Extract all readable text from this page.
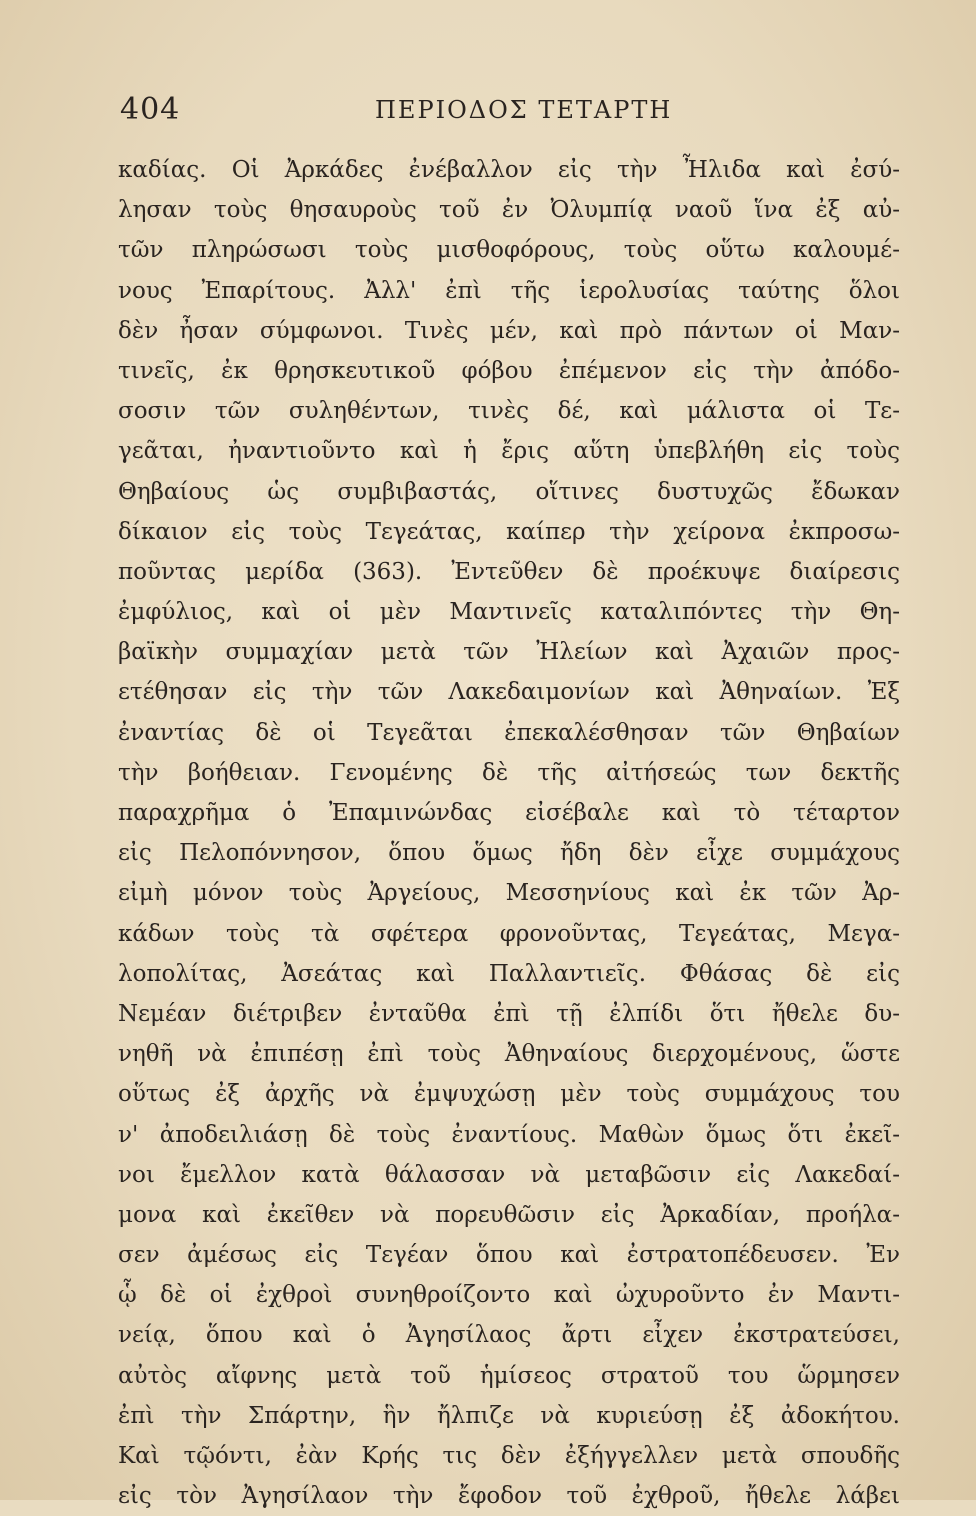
404	ΠΕΡΙΟΔΟΣ ΤΕΤΑΡΤΗ
καδίας. Οἱ Ἀρκάδες ἐνέβαλλον εἰς τὴν Ἦλιδα καὶ ἐσύ-
λησαν τοὺς θησαυροὺς τοῦ ἐν Ὀλυμπίᾳ ναοῦ ἵνα ἐξ αὐ-
τῶν πληρώσωσι τοὺς μισθοφόρους, τοὺς οὕτω καλουμέ-
νους Ἐπαρίτους. Ἀλλ' ἐπὶ τῆς ἱερολυσίας ταύτης ὅλοι
δὲν ἦσαν σύμφωνοι. Τινὲς μέν, καὶ πρὸ πάντων οἱ Μαν-
τινεῖς, ἐκ θρησκευτικοῦ φόβου ἐπέμενον εἰς τὴν ἀπόδο-
σοσιν τῶν συληθέντων, τινὲς δέ, καὶ μάλιστα οἱ Τε-
γεᾶται, ἠναντιοῦντο καὶ ἡ ἔρις αὕτη ὑπεβλήθη εἰς τοὺς
Θηβαίους ὡς συμβιβαστάς, οἵτινες δυστυχῶς ἔδωκαν
δίκαιον εἰς τοὺς Τεγεάτας, καίπερ τὴν χείρονα ἐκπροσω-
ποῦντας μερίδα (363). Ἐντεῦθεν δὲ προέκυψε διαίρεσις
ἐμφύλιος, καὶ οἱ μὲν Μαντινεῖς καταλιπόντες τὴν Θη-
βαϊκὴν συμμαχίαν μετὰ τῶν Ἠλείων καὶ Ἀχαιῶν προς-
ετέθησαν εἰς τὴν τῶν Λακεδαιμονίων καὶ Ἀθηναίων. Ἐξ
ἐναντίας δὲ οἱ Τεγεᾶται ἐπεκαλέσθησαν τῶν Θηβαίων
τὴν βοήθειαν. Γενομένης δὲ τῆς αἰτήσεώς των δεκτῆς
παραχρῆμα ὁ Ἐπαμινώνδας εἰσέβαλε καὶ τὸ τέταρτον
εἰς Πελοπόννησον, ὅπου ὅμως ἤδη δὲν εἶχε συμμάχους
εἰμὴ μόνον τοὺς Ἀργείους, Μεσσηνίους καὶ ἐκ τῶν Ἀρ-
κάδων τοὺς τὰ σφέτερα φρονοῦντας, Τεγεάτας, Μεγα-
λοπολίτας, Ἀσεάτας καὶ Παλλαντιεῖς. Φθάσας δὲ εἰς
Νεμέαν διέτριβεν ἐνταῦθα ἐπὶ τῇ ἐλπίδι ὅτι ἤθελε δυ-
νηθῆ νὰ ἐπιπέσῃ ἐπὶ τοὺς Ἀθηναίους διερχομένους, ὥστε
οὕτως ἐξ ἀρχῆς νὰ ἐμψυχώσῃ μὲν τοὺς συμμάχους του
ν' ἀποδειλιάσῃ δὲ τοὺς ἐναντίους. Μαθὼν ὅμως ὅτι ἐκεῖ-
νοι ἔμελλον κατὰ θάλασσαν νὰ μεταβῶσιν εἰς Λακεδαί-
μονα καὶ ἐκεῖθεν νὰ πορευθῶσιν εἰς Ἀρκαδίαν, προήλα-
σεν ἀμέσως εἰς Τεγέαν ὅπου καὶ ἐστρατοπέδευσεν. Ἐν
ᾧ δὲ οἱ ἐχθροὶ συνηθροίζοντο καὶ ὠχυροῦντο ἐν Μαντι-
νείᾳ, ὅπου καὶ ὁ Ἀγησίλαος ἄρτι εἶχεν ἐκστρατεύσει,
αὐτὸς αἴφνης μετὰ τοῦ ἡμίσεος στρατοῦ του ὥρμησεν
ἐπὶ τὴν Σπάρτην, ἣν ἤλπιζε νὰ κυριεύσῃ ἐξ ἀδοκήτου.
Καὶ τῷόντι, ἐὰν Κρής τις δὲν ἐξήγγελλεν μετὰ σπουδῆς
εἰς τὸν Ἀγησίλαον τὴν ἔφοδον τοῦ ἐχθροῦ, ἤθελε λάβει
